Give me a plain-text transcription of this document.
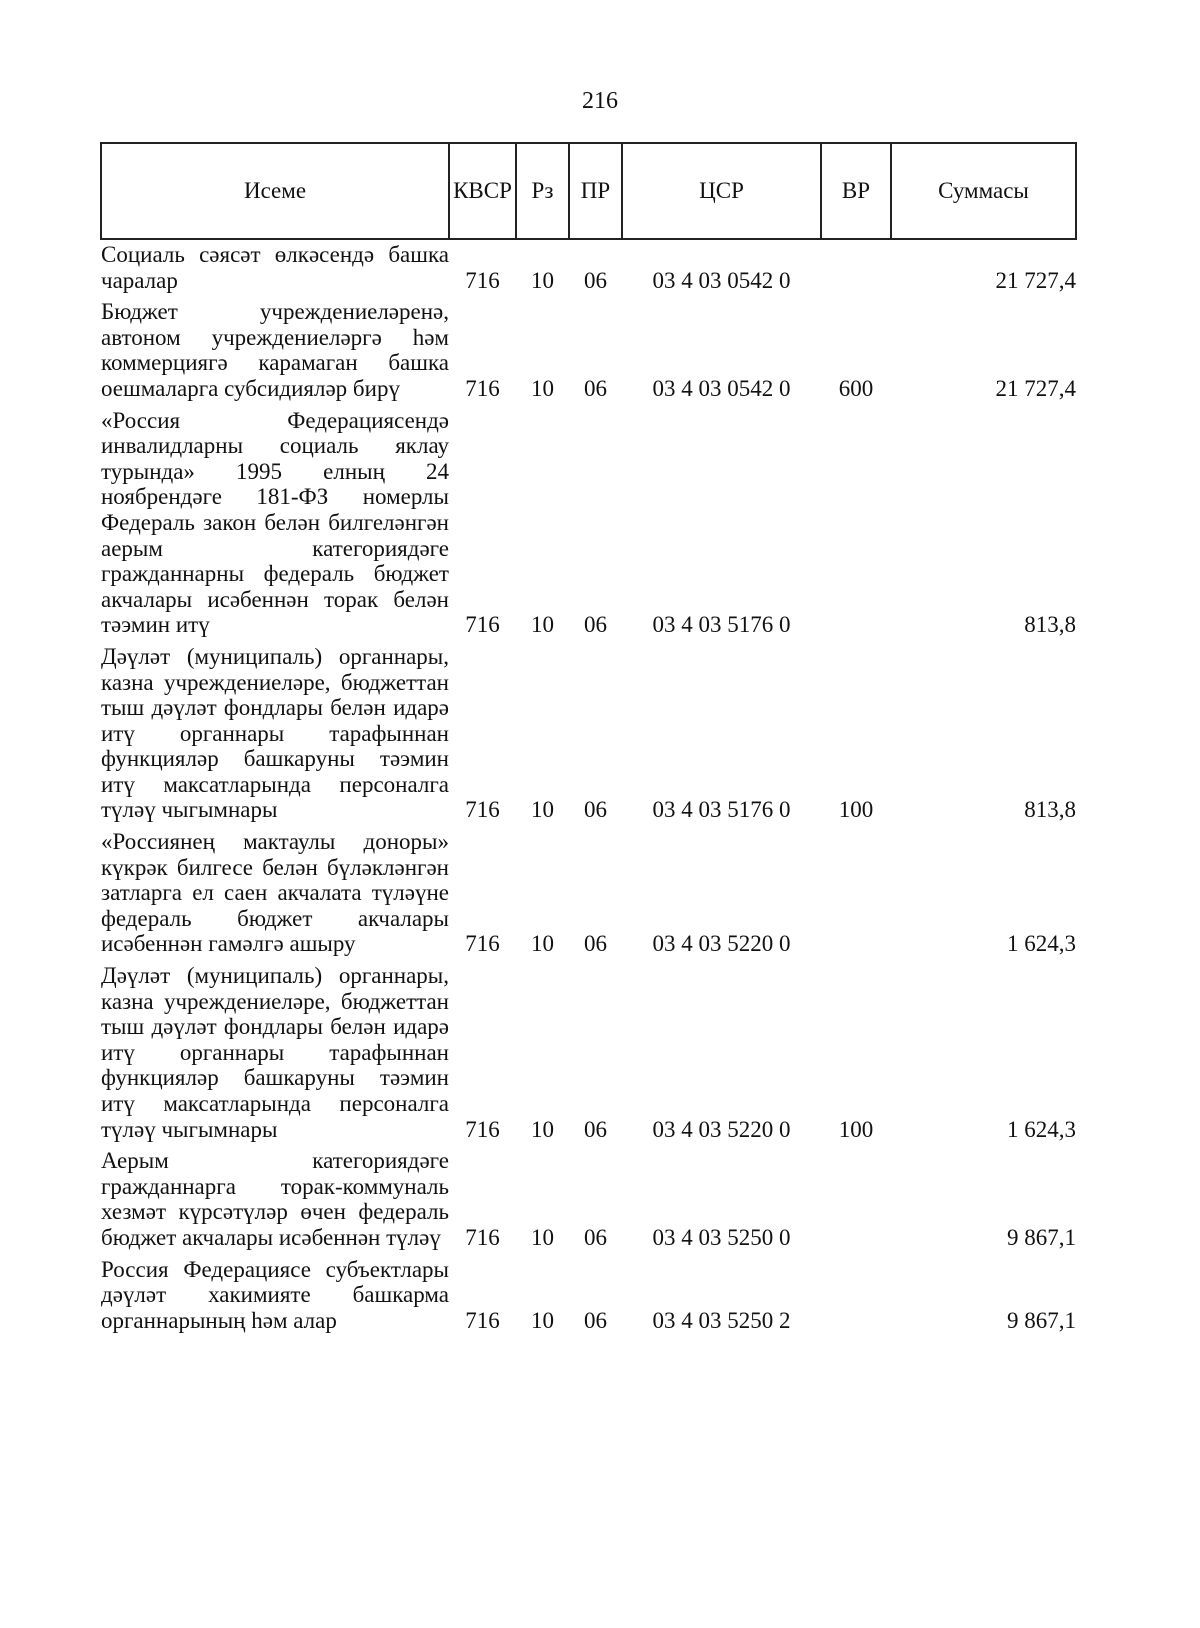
216
Исеме	КВСР	Рз	ПР	ЦСР	ВР	Суммасы
Социаль сәясәт өлкәсендә башка чаралар	716	10	06	03 4 03 0542 0		21 727,4
Бюджет учреждениеләренә, автоном учреждениеләргә һәм коммерциягә карамаган башка оешмаларга субсидияләр бирү	716	10	06	03 4 03 0542 0	600	21 727,4
«Россия Федерациясендә инвалидларны социаль яклау турында» 1995 елның 24 ноябрендәге 181-ФЗ номерлы Федераль закон белән билгеләнгән аерым категориядәге гражданнарны федераль бюджет акчалары исәбеннән торак белән тәэмин итү	716	10	06	03 4 03 5176 0		813,8
Дәүләт (муниципаль) органнары, казна учреждениеләре, бюджеттан тыш дәүләт фондлары белән идарә итү органнары тарафыннан функцияләр башкаруны тәэмин итү максатларында персоналга түләү чыгымнары	716	10	06	03 4 03 5176 0	100	813,8
«Россиянең мактаулы доноры» күкрәк билгесе белән бүләкләнгән затларга ел саен акчалата түләүне федераль бюджет акчалары исәбеннән гамәлгә ашыру	716	10	06	03 4 03 5220 0		1 624,3
Дәүләт (муниципаль) органнары, казна учреждениеләре, бюджеттан тыш дәүләт фондлары белән идарә итү органнары тарафыннан функцияләр башкаруны тәэмин итү максатларында персоналга түләү чыгымнары	716	10	06	03 4 03 5220 0	100	1 624,3
Аерым категориядәге гражданнарга торак-коммуналь хезмәт күрсәтүләр өчен федераль бюджет акчалары исәбеннән түләү	716	10	06	03 4 03 5250 0		9 867,1
Россия Федерациясе субъектлары дәүләт хакимияте башкарма органнарының һәм алар	716	10	06	03 4 03 5250 2		9 867,1
